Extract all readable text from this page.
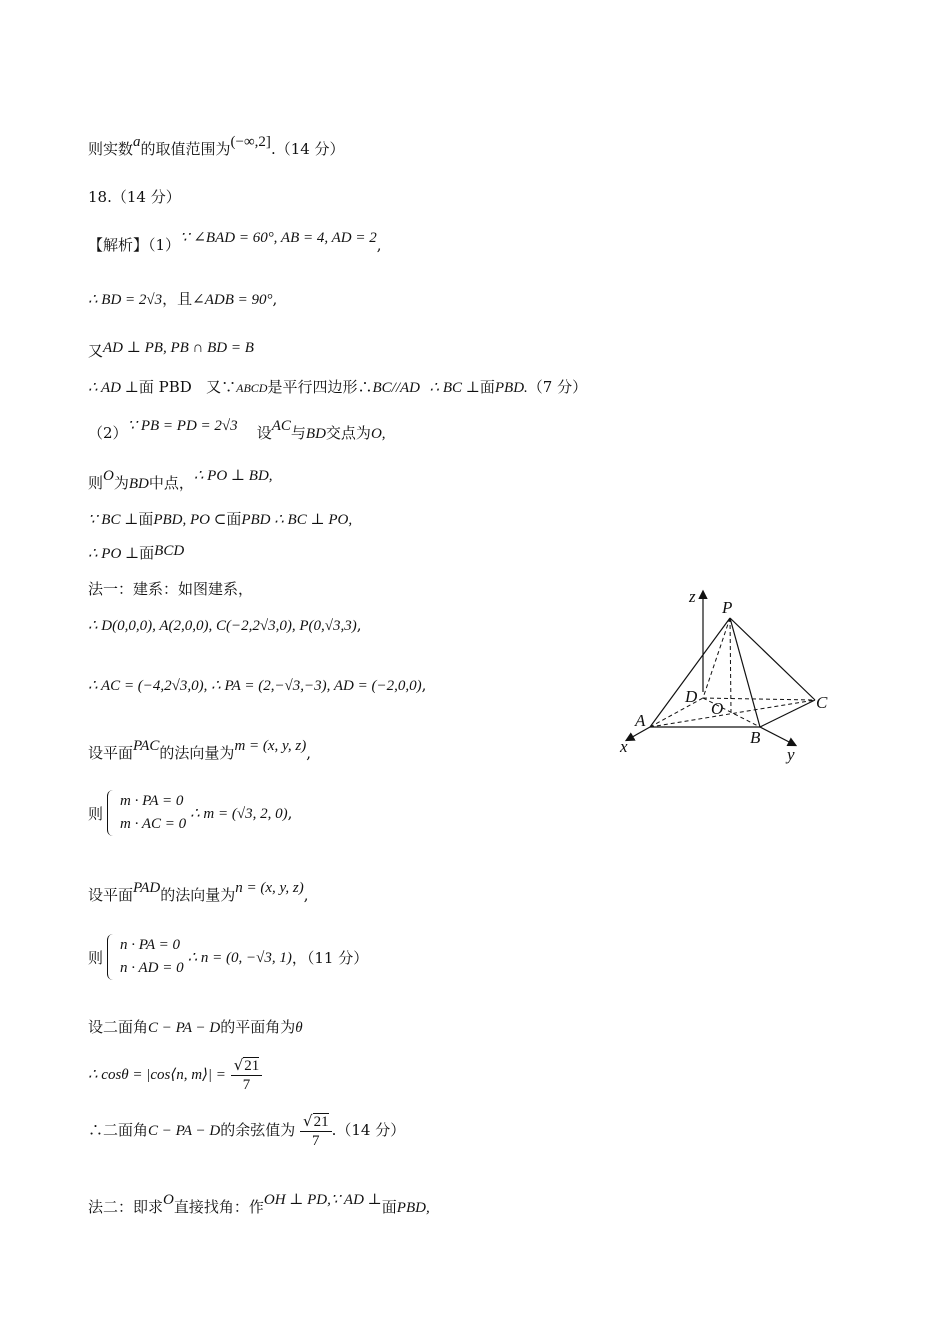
则实数a的取值范围为(−∞,2].（14 分）
18.（14 分）
【解析】（1）∵ ∠BAD = 60°, AB = 4, AD = 2,
∴ BD = 2√3，且∠ADB = 90°,
又AD ⊥ PB, PB ∩ BD = B
∴ AD ⊥面 PBD 又∵ABCD是平行四边形∴BC//AD ∴ BC ⊥面PBD.（7 分）
（2）∵ PB = PD = 2√3 设AC与BD交点为O,
则O为BD中点，∴ PO ⊥ BD,
∵ BC ⊥面PBD, PO ⊂面PBD ∴ BC ⊥ PO,
∴ PO ⊥面BCD
法一：建系：如图建系，
∴ D(0,0,0), A(2,0,0), C(−2,2√3,0), P(0,√3,3),
∴ AC = (−4,2√3,0), ∴ PA = (2,−√3,−3), AD = (−2,0,0),
设平面PAC的法向量为m = (x, y, z),
则
m · PA = 0
m · AC = 0
∴ m = (√3, 2, 0) ,
设平面PAD的法向量为n = (x, y, z),
则
n · PA = 0
n · AD = 0
∴ n = (0, −√3, 1) ，（11 分）
设二面角C − PA − D的平面角为θ
∴ cosθ = |cos⟨n, m⟩| = $\frac{√21}{7}$
∴二面角C − PA − D的余弦值为 $\frac{√21}{7} .(14$ 分）
法二：即求O直接找角：作OH ⊥ PD,∵ AD ⊥面PBD,
z
P
D
O	C
A
B
x	y
